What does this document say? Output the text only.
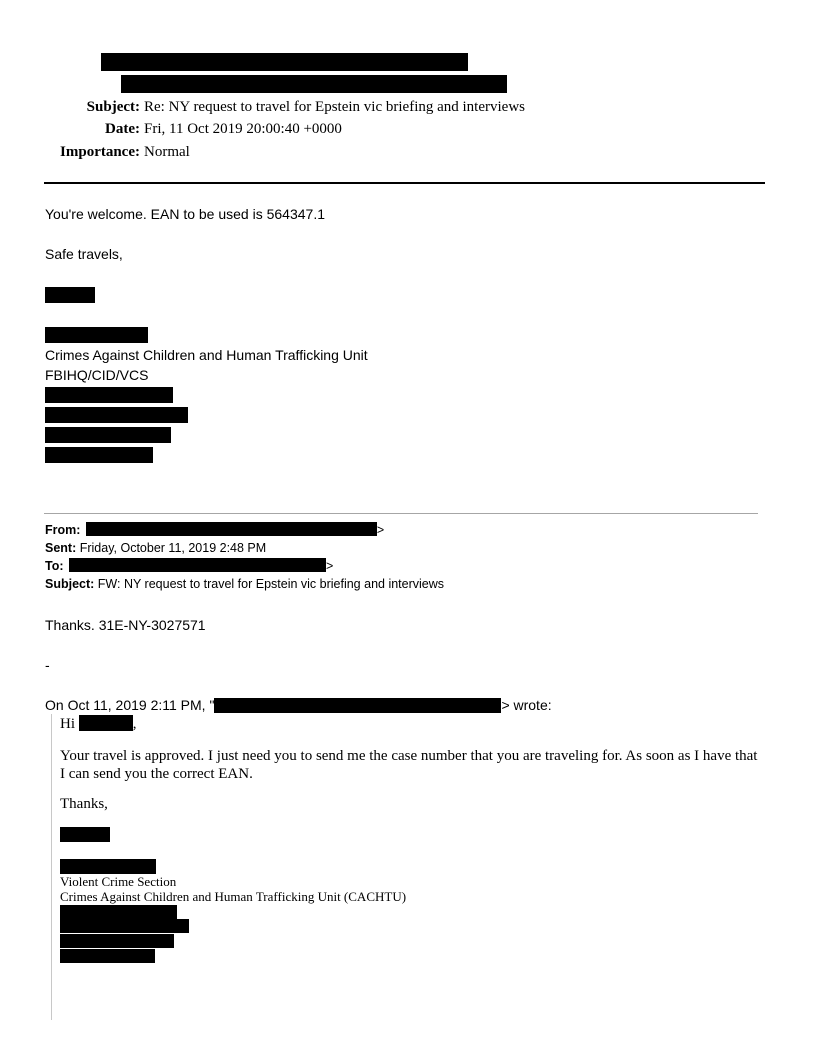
Subject: Re: NY request to travel for Epstein vic briefing and interviews
Date: Fri, 11 Oct 2019 20:00:40 +0000
Importance: Normal
You're welcome. EAN to be used is 564347.1
Safe travels,
Crimes Against Children and Human Trafficking Unit
FBIHQ/CID/VCS
From:	>
Sent: Friday, October 11, 2019 2:48 PM
To:	>
Subject: FW: NY request to travel for Epstein vic briefing and interviews
Thanks. 31E-NY-3027571
-
On Oct 11, 2019 2:11 PM, "	> wrote:
Hi	,
Your travel is approved. I just need you to send me the case number that you are traveling for. As soon as I have that I can send you the correct EAN.
Thanks,
Violent Crime Section
Crimes Against Children and Human Trafficking Unit (CACHTU)
